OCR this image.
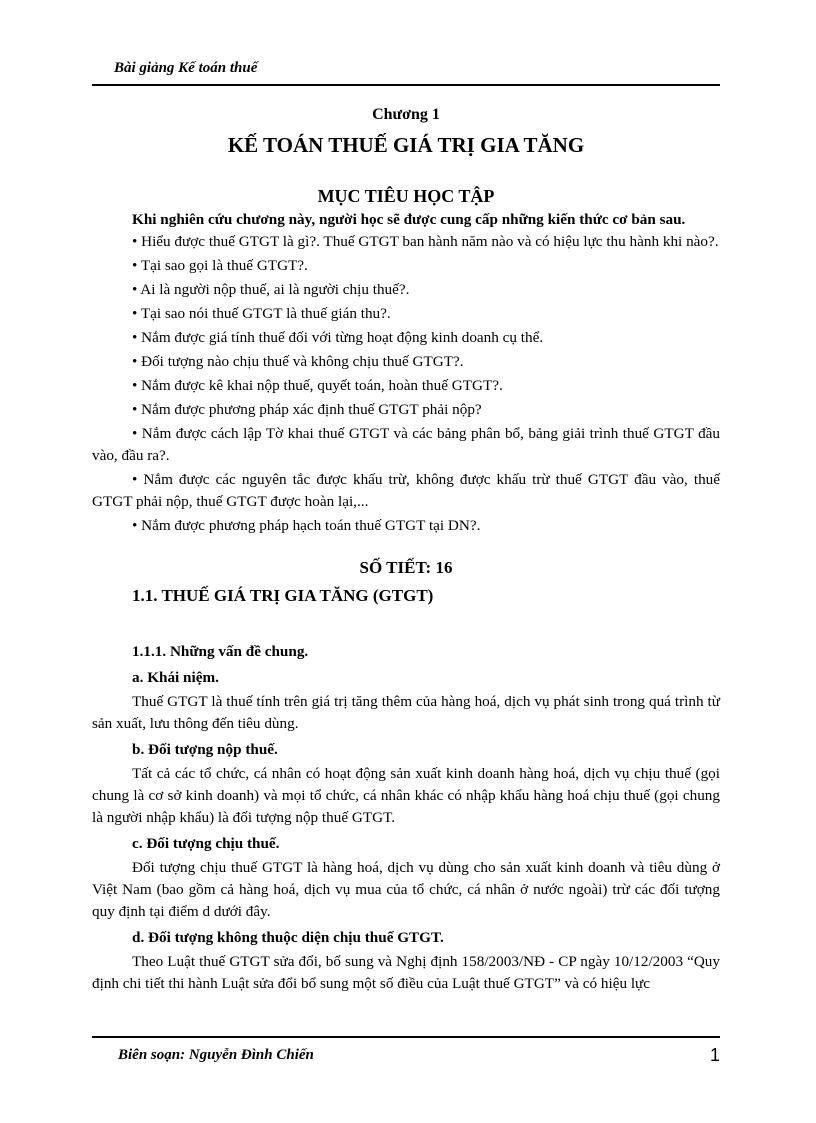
Bài giảng Kế toán thuế
Chương 1
KẾ TOÁN THUẾ GIÁ TRỊ GIA TĂNG
MỤC TIÊU HỌC TẬP
Khi nghiên cứu chương này, người học sẽ được cung cấp những kiến thức cơ bản sau.

• Hiểu được thuế GTGT là gì?. Thuế GTGT ban hành năm nào và có hiệu lực thu hành khi nào?.

• Tại sao gọi là thuế GTGT?.

• Ai là người nộp thuế, ai là người chịu thuế?.

• Tại sao nói thuế GTGT là thuế gián thu?.

• Nắm được giá tính thuế đối với từng hoạt động kinh doanh cụ thể.

• Đối tượng nào chịu thuế và không chịu thuế GTGT?.

• Nắm được kê khai nộp thuế, quyết toán, hoàn thuế GTGT?.

• Nắm được phương pháp xác định thuế GTGT phải nộp?

• Nắm được cách lập Tờ khai thuế GTGT và các bảng phân bổ, bảng giải trình thuế GTGT đầu vào, đầu ra?.

• Nắm được các nguyên tắc được khấu trừ, không được khấu trừ thuế GTGT đầu vào, thuế GTGT phải nộp, thuế GTGT được hoàn lại,...

• Nắm được phương pháp hạch toán thuế GTGT tại DN?.

SỐ TIẾT: 16
1.1. THUẾ GIÁ TRỊ GIA TĂNG (GTGT)
1.1.1. Những vấn đề chung.
a. Khái niệm.

Thuế GTGT là thuế tính trên giá trị tăng thêm của hàng hoá, dịch vụ phát sinh trong quá trình từ sản xuất, lưu thông đến tiêu dùng.

b. Đối tượng nộp thuế.

Tất cả các tổ chức, cá nhân có hoạt động sản xuất kinh doanh hàng hoá, dịch vụ chịu thuế (gọi chung là cơ sở kinh doanh) và mọi tổ chức, cá nhân khác có nhập khẩu hàng hoá chịu thuế (gọi chung là người nhập khẩu) là đối tượng nộp thuế GTGT.

c. Đối tượng chịu thuế.

Đối tượng chịu thuế GTGT là hàng hoá, dịch vụ dùng cho sản xuất kinh doanh và tiêu dùng ở Việt Nam (bao gồm cả hàng hoá, dịch vụ mua của tổ chức, cá nhân ở nước ngoài) trừ các đối tượng quy định tại điểm d dưới đây.

d. Đối tượng không thuộc diện chịu thuế GTGT.

Theo Luật thuế GTGT sửa đổi, bổ sung và Nghị định 158/2003/NĐ - CP ngày 10/12/2003 “Quy định chi tiết thi hành Luật sửa đổi bổ sung một số điều của Luật thuế GTGT” và có hiệu lực

Biên soạn: Nguyễn Đình Chiến	1
